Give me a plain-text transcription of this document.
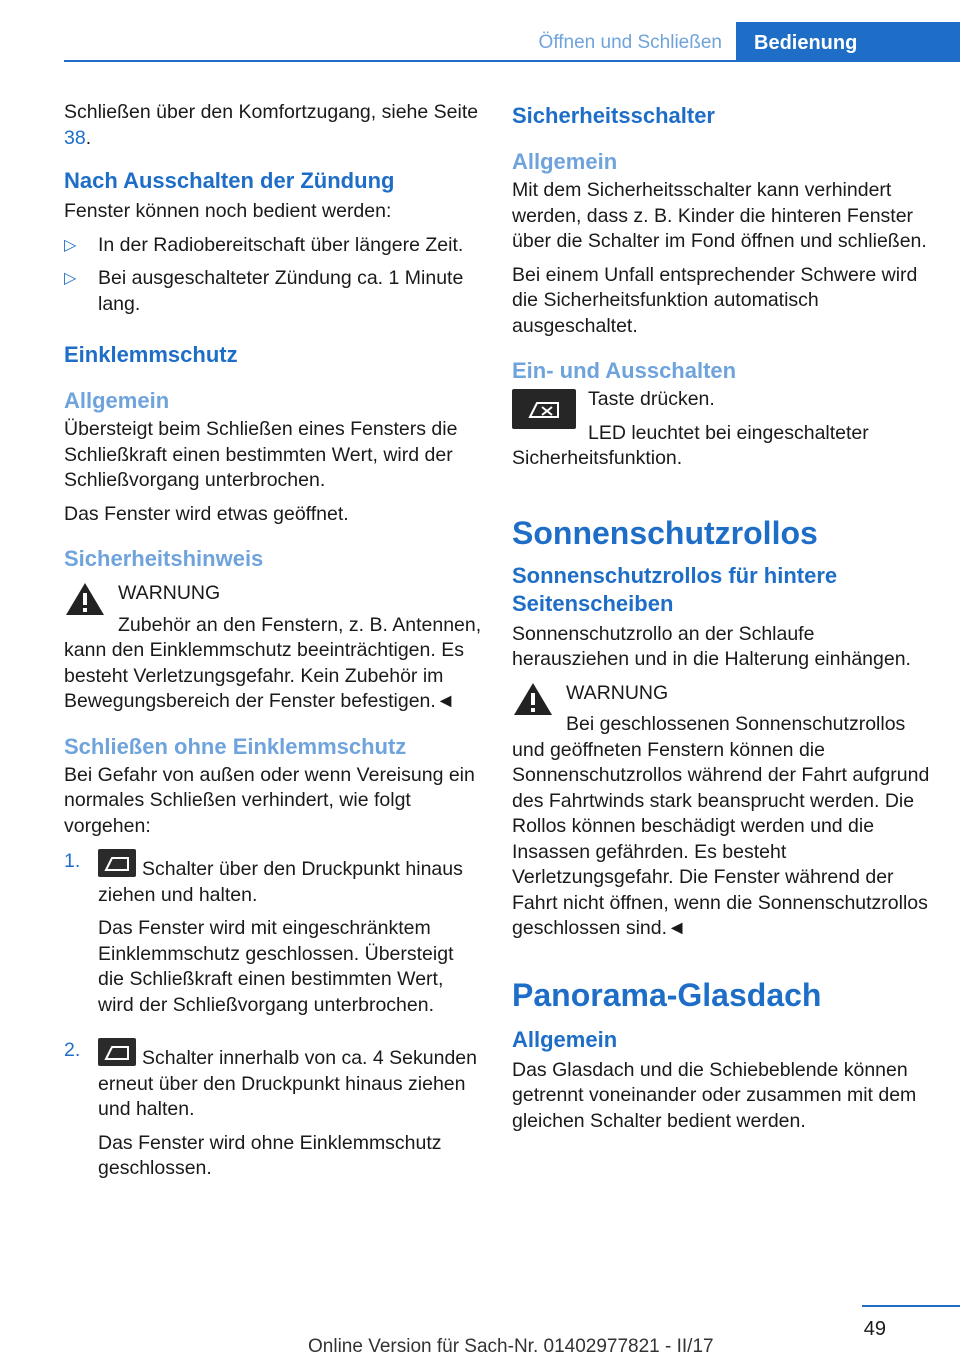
Öffnen und Schließen	Bedienung

Schließen über den Komfortzugang, siehe Seite 38.

Nach Ausschalten der Zündung

Fenster können noch bedient werden:

▷ In der Radiobereitschaft über längere Zeit.
▷ Bei ausgeschalteter Zündung ca. 1 Minute lang.
Einklemmschutz
Allgemein

Übersteigt beim Schließen eines Fensters die Schließkraft einen bestimmten Wert, wird der Schließvorgang unterbrochen.

Das Fenster wird etwas geöffnet.

Sicherheitshinweis
WARNUNG
Zubehör an den Fenstern, z. B. Antennen, kann den Einklemmschutz beeinträchtigen. Es besteht Verletzungsgefahr. Kein Zubehör im Bewegungsbereich der Fenster befestigen.◄
Schließen ohne Einklemmschutz

Bei Gefahr von außen oder wenn Vereisung ein normales Schließen verhindert, wie folgt vorgehen:

1.	Schalter über den Druckpunkt hinaus ziehen und halten.
Das Fenster wird mit eingeschränktem Einklemmschutz geschlossen. Übersteigt die Schließkraft einen bestimmten Wert, wird der Schließvorgang unterbrochen.
2.	Schalter innerhalb von ca. 4 Sekunden erneut über den Druckpunkt hinaus ziehen und halten.
Das Fenster wird ohne Einklemmschutz geschlossen.
Sicherheitsschalter
Allgemein

Mit dem Sicherheitsschalter kann verhindert werden, dass z. B. Kinder die hinteren Fenster über die Schalter im Fond öffnen und schließen.

Bei einem Unfall entsprechender Schwere wird die Sicherheitsfunktion automatisch ausgeschaltet.

Ein- und Ausschalten

Taste drücken.

LED leuchtet bei eingeschalteter Sicherheitsfunktion.

Sonnenschutzrollos
Sonnenschutzrollos für hintere Seitenscheiben

Sonnenschutzrollo an der Schlaufe herausziehen und in die Halterung einhängen.

WARNUNG
Bei geschlossenen Sonnenschutzrollos und geöffneten Fenstern können die Sonnenschutzrollos während der Fahrt aufgrund des Fahrtwinds stark beansprucht werden. Die Rollos können beschädigt werden und die Insassen gefährden. Es besteht Verletzungsgefahr. Die Fenster während der Fahrt nicht öffnen, wenn die Sonnenschutzrollos geschlossen sind.◄
Panorama-Glasdach
Allgemein

Das Glasdach und die Schiebeblende können getrennt voneinander oder zusammen mit dem gleichen Schalter bedient werden.

49
Online Version für Sach-Nr. 01402977821 - II/17
